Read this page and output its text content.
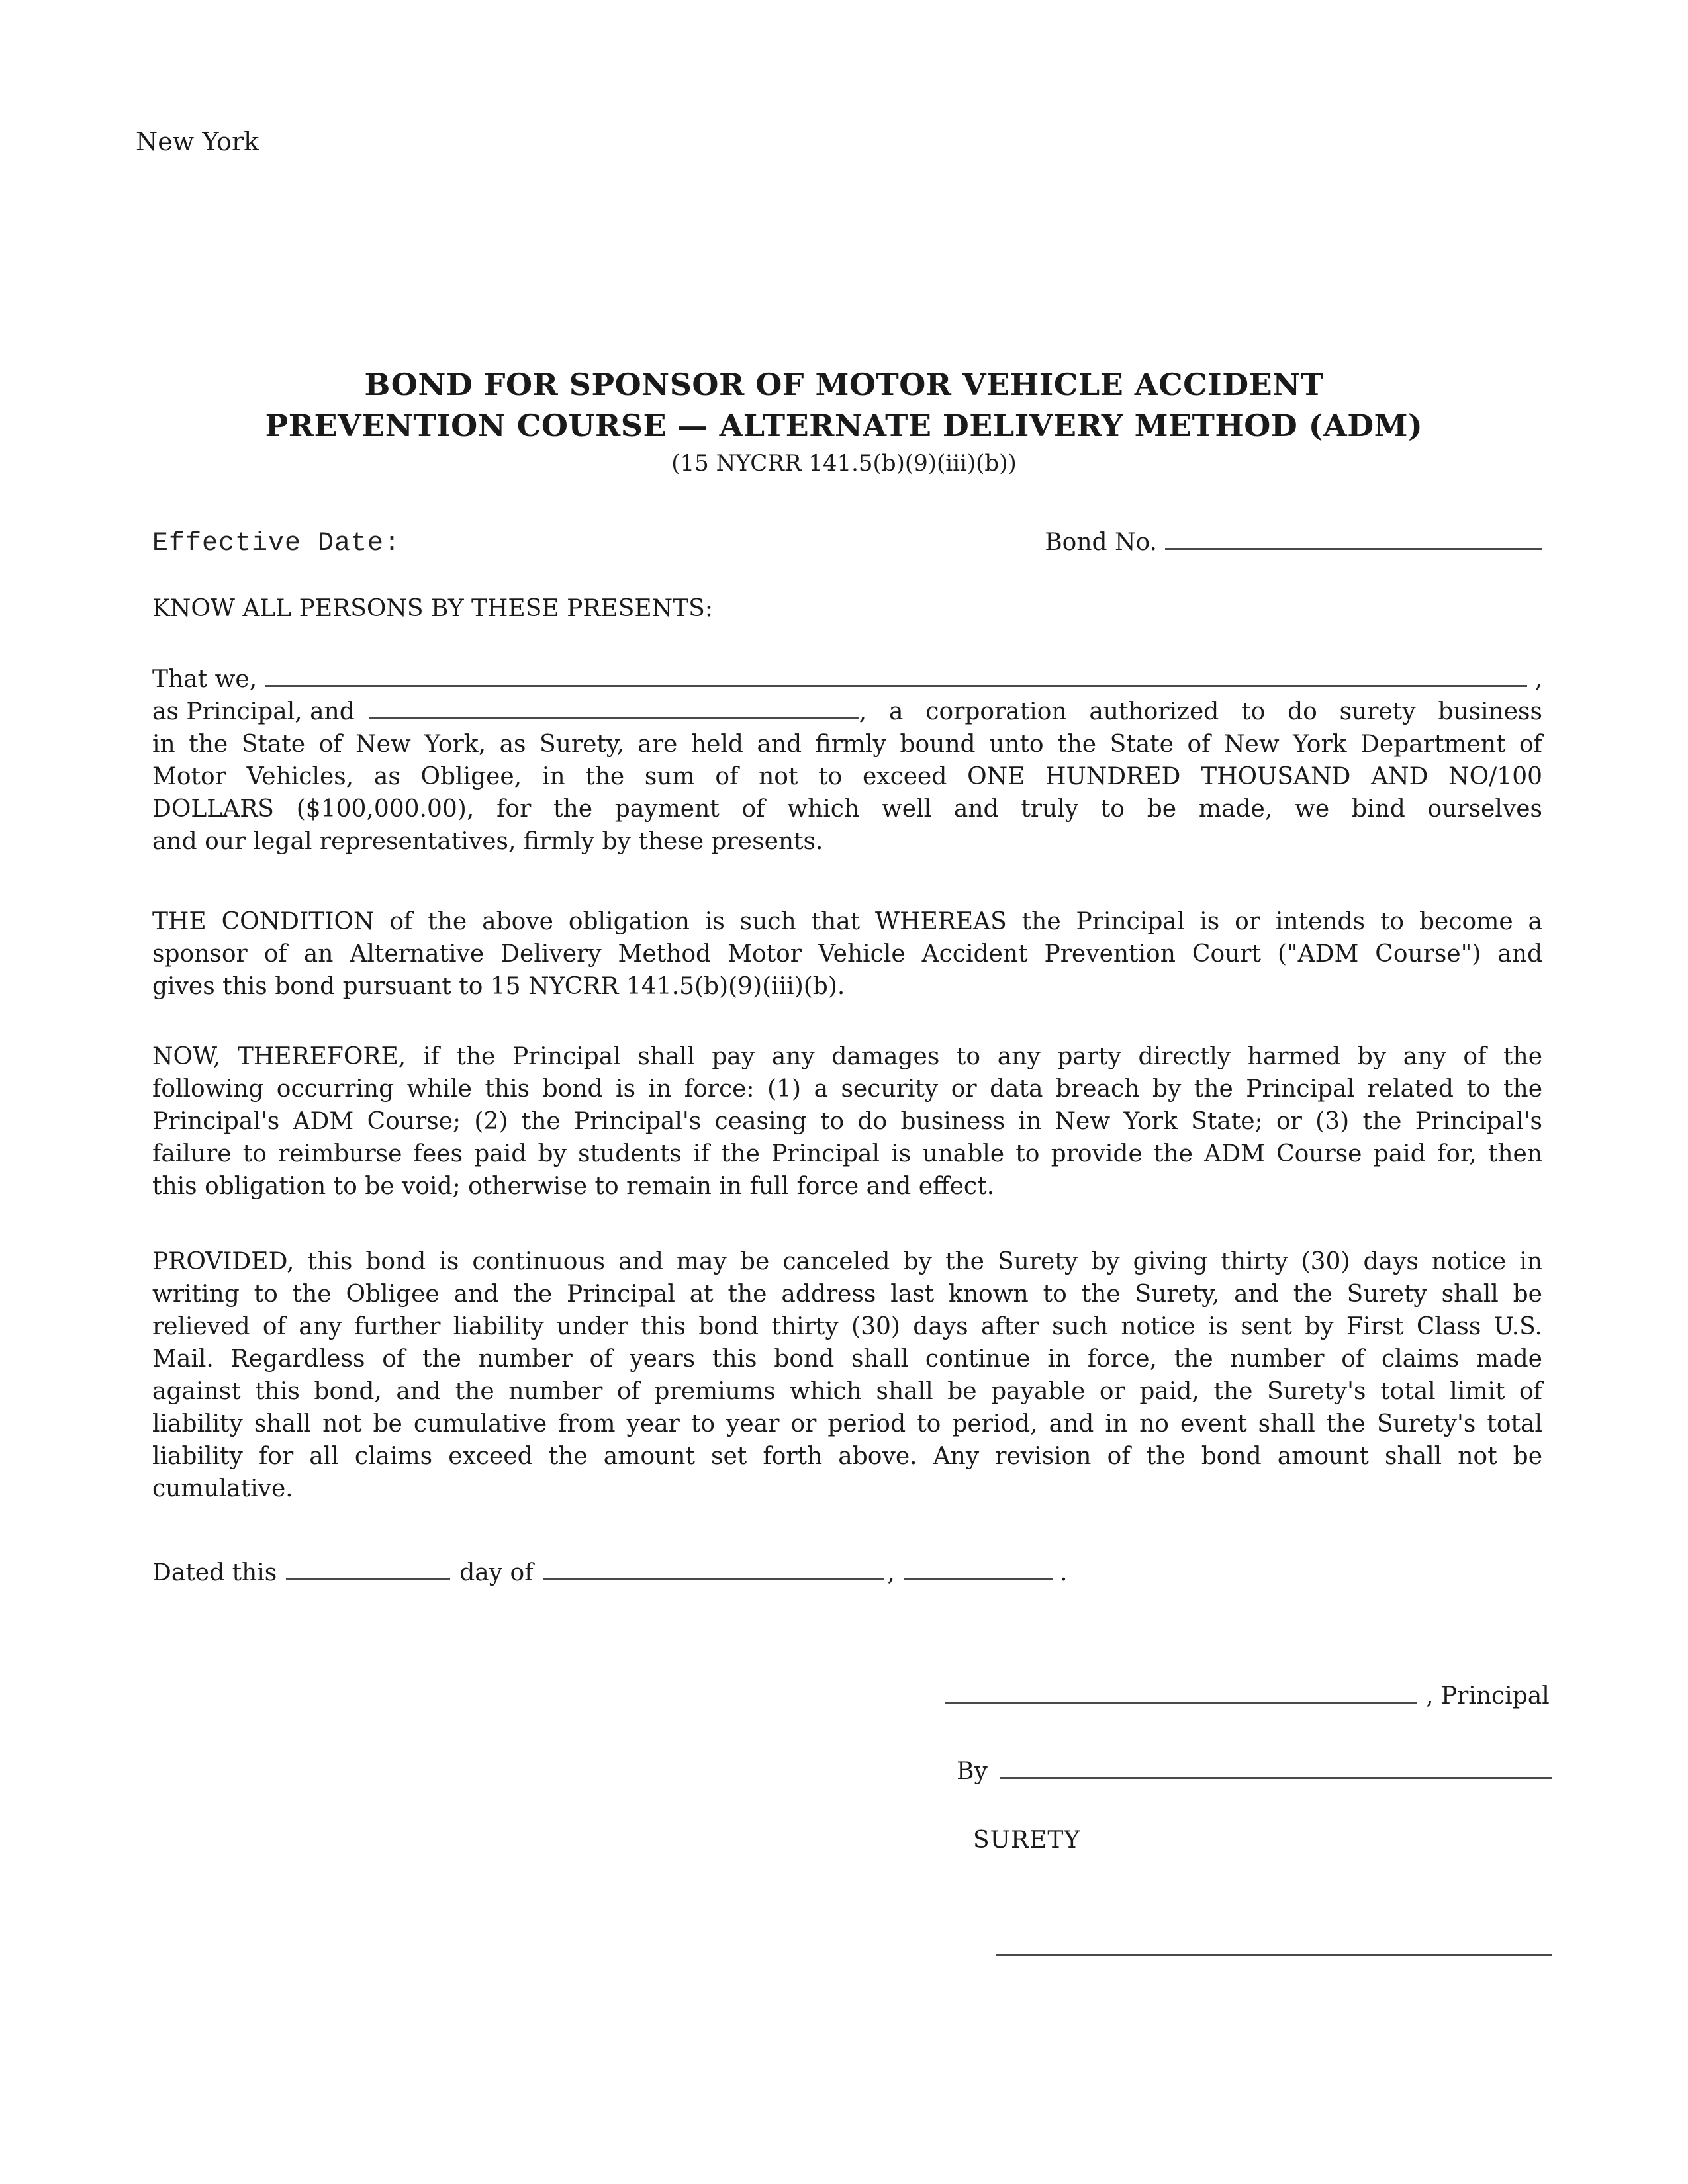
New York
BOND FOR SPONSOR OF MOTOR VEHICLE ACCIDENT
PREVENTION COURSE — ALTERNATE DELIVERY METHOD (ADM)
(15 NYCRR 141.5(b)(9)(iii)(b))
Effective Date:	Bond No.
KNOW ALL PERSONS BY THESE PRESENTS:
That we,	,
as Principal, and	, a corporation authorized to do surety business
in the State of New York, as Surety, are held and firmly bound unto the State of New York Department of
Motor Vehicles, as Obligee, in the sum of not to exceed ONE HUNDRED THOUSAND AND NO/100
DOLLARS ($100,000.00), for the payment of which well and truly to be made, we bind ourselves
and our legal representatives, firmly by these presents.
THE CONDITION of the above obligation is such that WHEREAS the Principal is or intends to become a
sponsor of an Alternative Delivery Method Motor Vehicle Accident Prevention Court ("ADM Course") and
gives this bond pursuant to 15 NYCRR 141.5(b)(9)(iii)(b).
NOW, THEREFORE, if the Principal shall pay any damages to any party directly harmed by any of the
following occurring while this bond is in force: (1) a security or data breach by the Principal related to the
Principal's ADM Course; (2) the Principal's ceasing to do business in New York State; or (3) the Principal's
failure to reimburse fees paid by students if the Principal is unable to provide the ADM Course paid for, then
this obligation to be void; otherwise to remain in full force and effect.
PROVIDED, this bond is continuous and may be canceled by the Surety by giving thirty (30) days notice in
writing to the Obligee and the Principal at the address last known to the Surety, and the Surety shall be
relieved of any further liability under this bond thirty (30) days after such notice is sent by First Class U.S.
Mail. Regardless of the number of years this bond shall continue in force, the number of claims made
against this bond, and the number of premiums which shall be payable or paid, the Surety's total limit of
liability shall not be cumulative from year to year or period to period, and in no event shall the Surety's total
liability for all claims exceed the amount set forth above. Any revision of the bond amount shall not be
cumulative.
Dated this	day of	,	.
, Principal
By
SURETY
